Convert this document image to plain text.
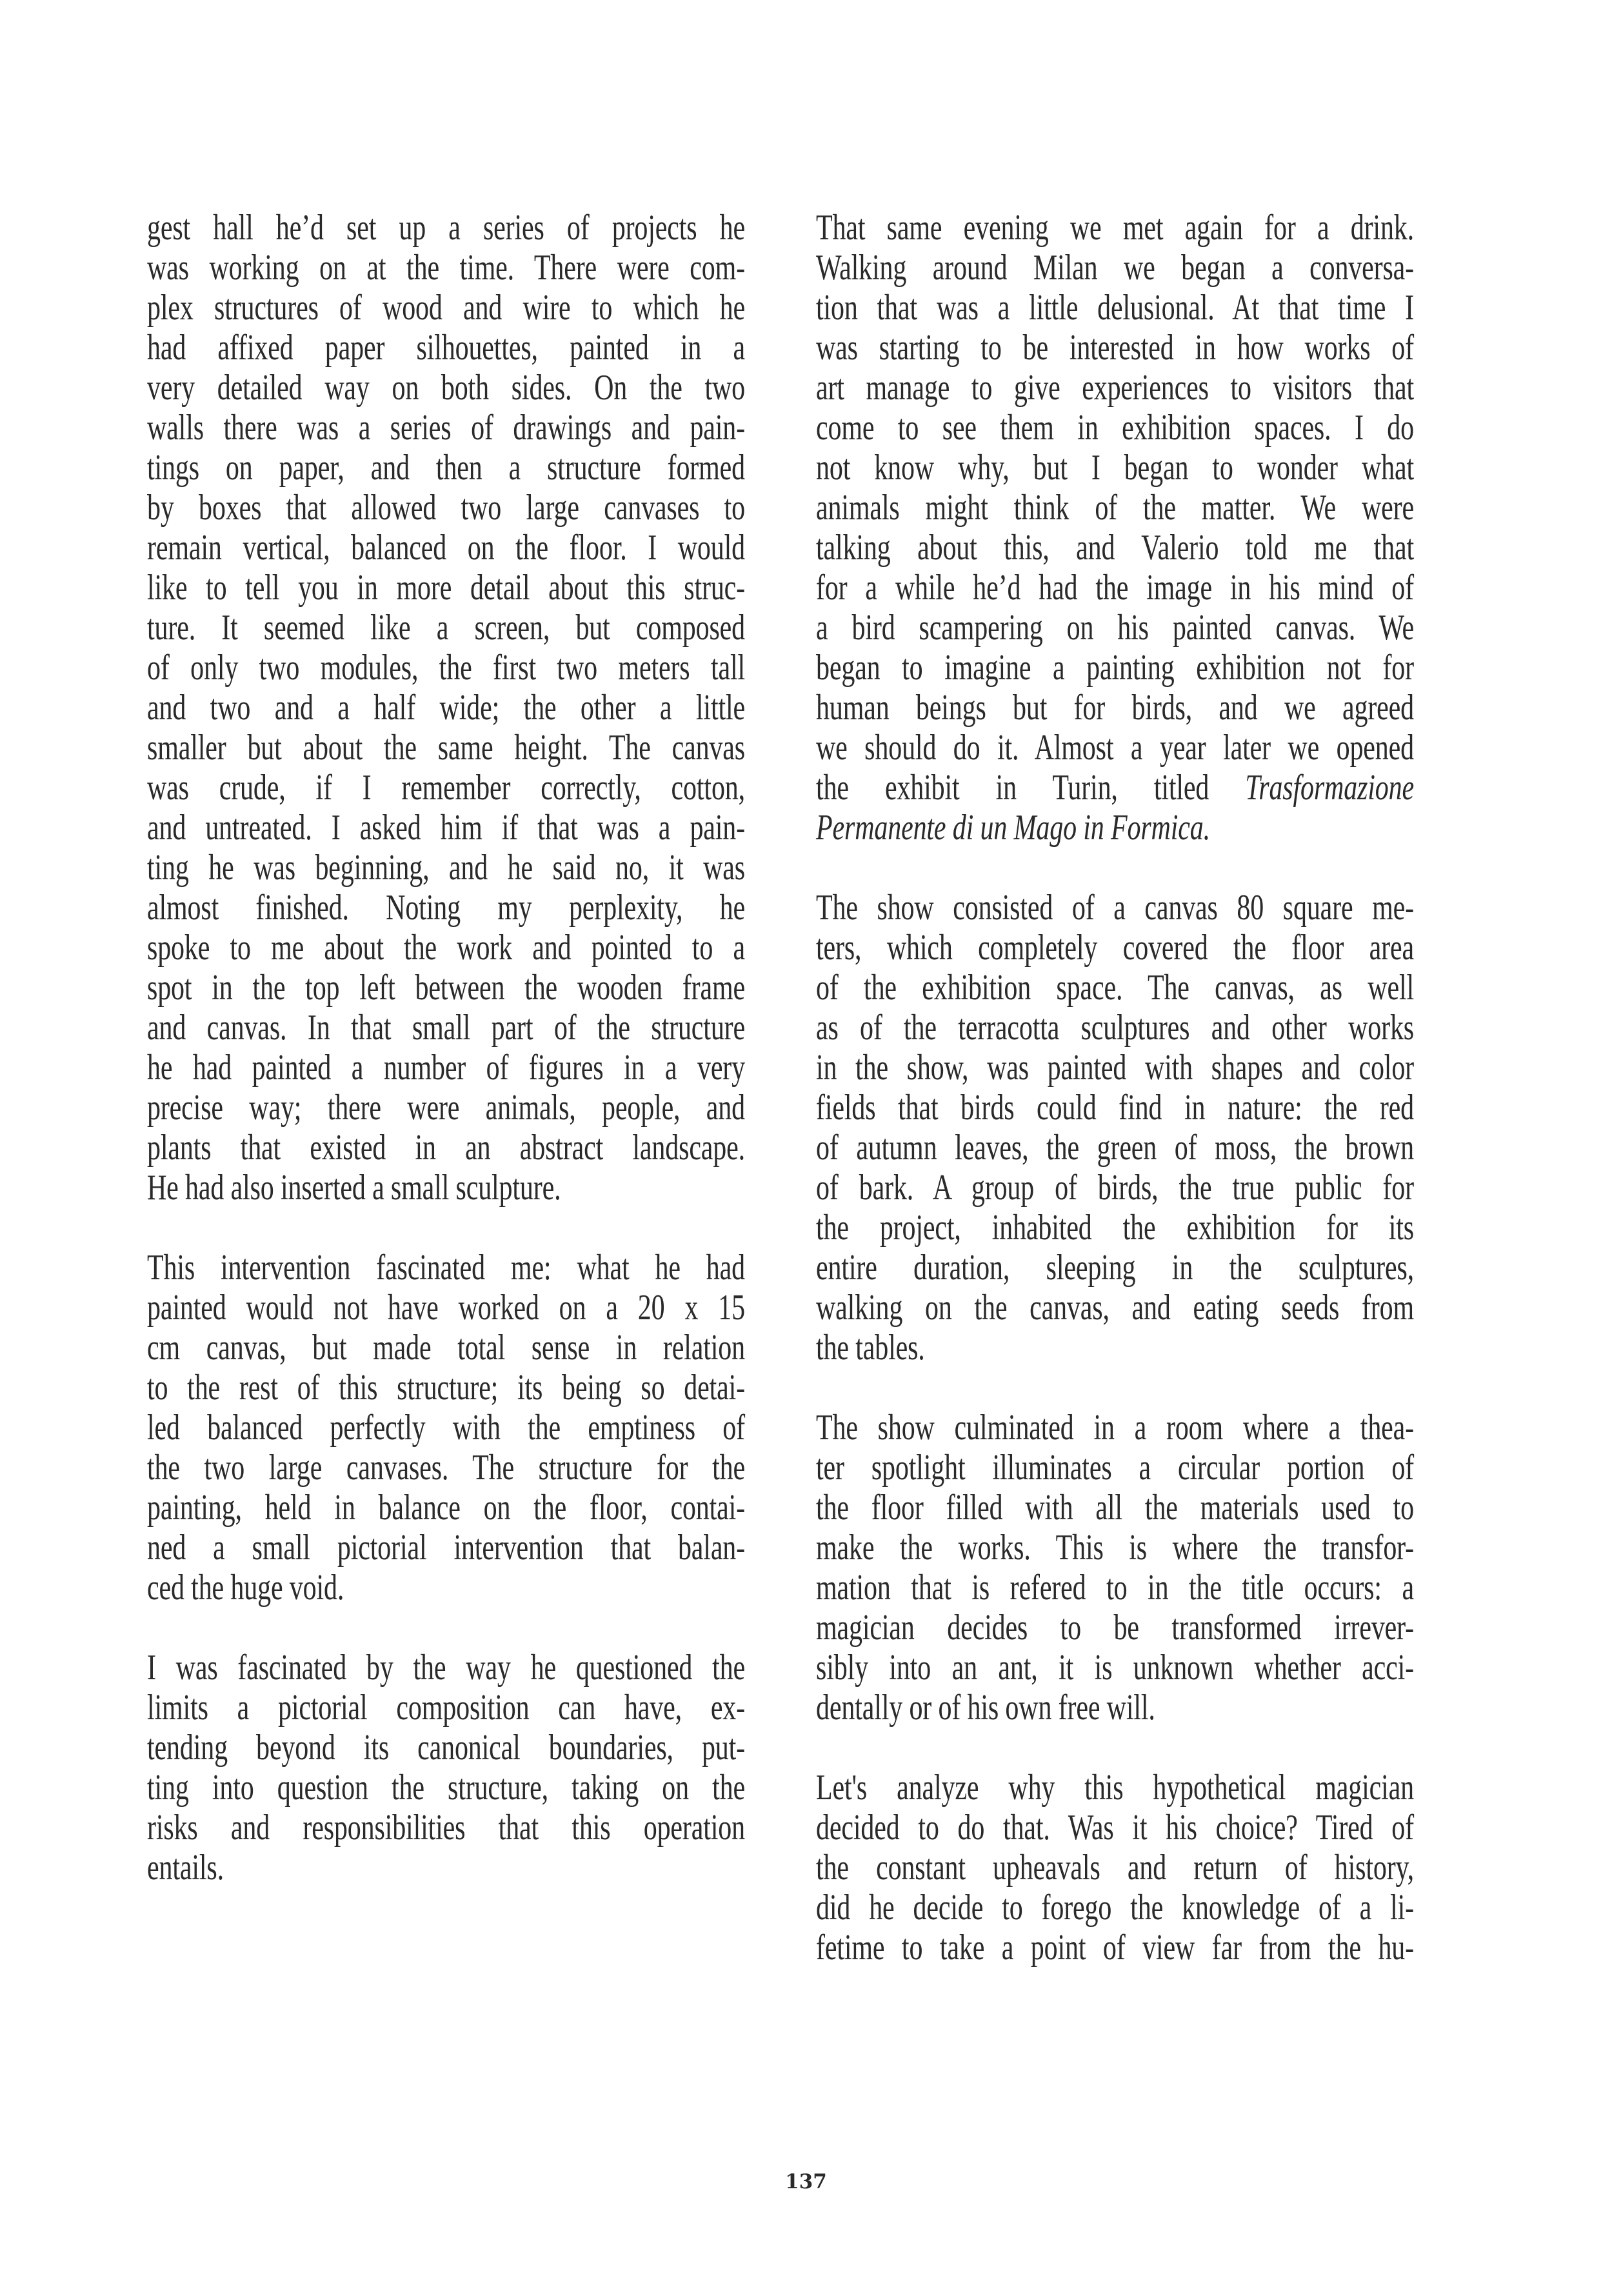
gest hall he’d set up a series of projects he
was working on at the time. There were com-
plex structures of wood and wire to which he
had affixed paper silhouettes, painted in a
very detailed way on both sides. On the two
walls there was a series of drawings and pain-
tings on paper, and then a structure formed
by boxes that allowed two large canvases to
remain vertical, balanced on the floor. I would
like to tell you in more detail about this struc-
ture. It seemed like a screen, but composed
of only two modules, the first two meters tall
and two and a half wide; the other a little
smaller but about the same height. The canvas
was crude, if I remember correctly, cotton,
and untreated. I asked him if that was a pain-
ting he was beginning, and he said no, it was
almost finished. Noting my perplexity, he
spoke to me about the work and pointed to a
spot in the top left between the wooden frame
and canvas. In that small part of the structure
he had painted a number of figures in a very
precise way; there were animals, people, and
plants that existed in an abstract landscape.
He had also inserted a small sculpture.
This intervention fascinated me: what he had
painted would not have worked on a 20 x 15
cm canvas, but made total sense in relation
to the rest of this structure; its being so detai-
led balanced perfectly with the emptiness of
the two large canvases. The structure for the
painting, held in balance on the floor, contai-
ned a small pictorial intervention that balan-
ced the huge void.
I was fascinated by the way he questioned the
limits a pictorial composition can have, ex-
tending beyond its canonical boundaries, put-
ting into question the structure, taking on the
risks and responsibilities that this operation
entails.
That same evening we met again for a drink.
Walking around Milan we began a conversa-
tion that was a little delusional. At that time I
was starting to be interested in how works of
art manage to give experiences to visitors that
come to see them in exhibition spaces. I do
not know why, but I began to wonder what
animals might think of the matter. We were
talking about this, and Valerio told me that
for a while he’d had the image in his mind of
a bird scampering on his painted canvas. We
began to imagine a painting exhibition not for
human beings but for birds, and we agreed
we should do it. Almost a year later we opened
the exhibit in Turin, titled Trasformazione
Permanente di un Mago in Formica.
The show consisted of a canvas 80 square me-
ters, which completely covered the floor area
of the exhibition space. The canvas, as well
as of the terracotta sculptures and other works
in the show, was painted with shapes and color
fields that birds could find in nature: the red
of autumn leaves, the green of moss, the brown
of bark. A group of birds, the true public for
the project, inhabited the exhibition for its
entire duration, sleeping in the sculptures,
walking on the canvas, and eating seeds from
the tables.
The show culminated in a room where a thea-
ter spotlight illuminates a circular portion of
the floor filled with all the materials used to
make the works. This is where the transfor-
mation that is refered to in the title occurs: a
magician decides to be transformed irrever-
sibly into an ant, it is unknown whether acci-
dentally or of his own free will.
Let's analyze why this hypothetical magician
decided to do that. Was it his choice? Tired of
the constant upheavals and return of history,
did he decide to forego the knowledge of a li-
fetime to take a point of view far from the hu-
137
